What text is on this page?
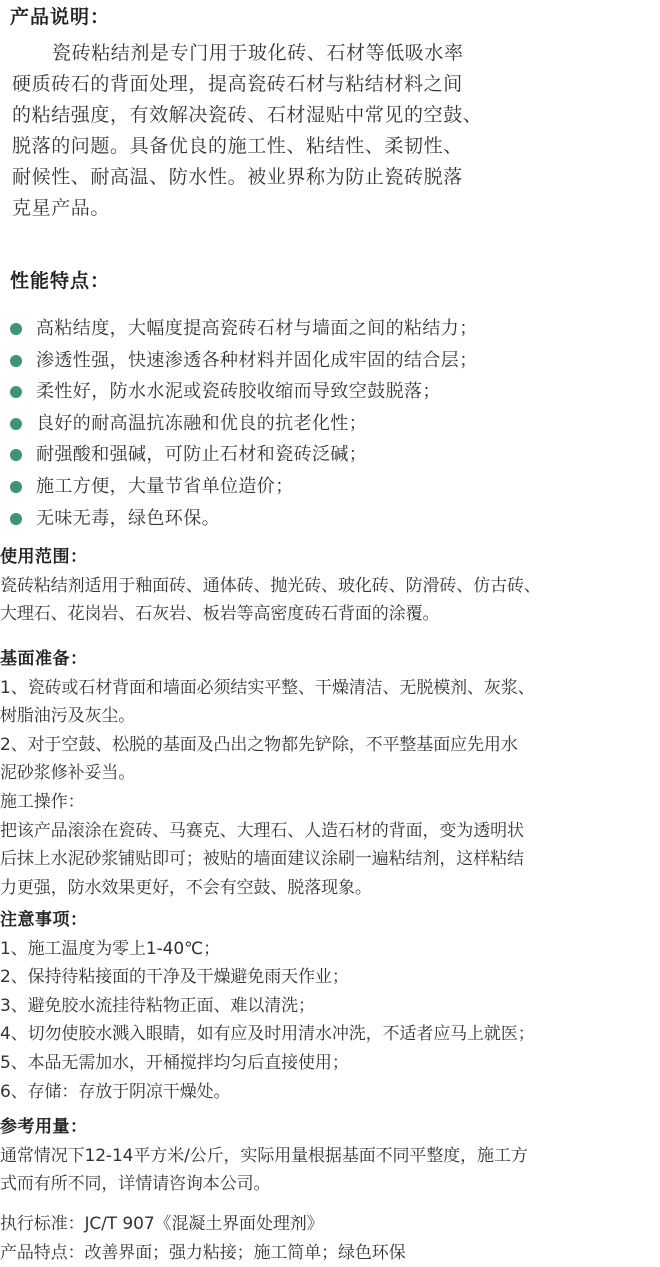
产品说明：
瓷砖粘结剂是专门用于玻化砖、石材等低吸水率
硬质砖石的背面处理，提高瓷砖石材与粘结材料之间
的粘结强度，有效解决瓷砖、石材湿贴中常见的空鼓、
脱落的问题。具备优良的施工性、粘结性、柔韧性、
耐候性、耐高温、防水性。被业界称为防止瓷砖脱落
克星产品。
性能特点：
高粘结度，大幅度提高瓷砖石材与墙面之间的粘结力；
渗透性强，快速渗透各种材料并固化成牢固的结合层；
柔性好，防水水泥或瓷砖胶收缩而导致空鼓脱落；
良好的耐高温抗冻融和优良的抗老化性；
耐强酸和强碱，可防止石材和瓷砖泛碱；
施工方便，大量节省单位造价；
无味无毒，绿色环保。
使用范围：
瓷砖粘结剂适用于釉面砖、通体砖、抛光砖、玻化砖、防滑砖、仿古砖、
大理石、花岗岩、石灰岩、板岩等高密度砖石背面的涂覆。
基面准备：
1、瓷砖或石材背面和墙面必须结实平整、干燥清洁、无脱模剂、灰浆、
树脂油污及灰尘。
2、对于空鼓、松脱的基面及凸出之物都先铲除，不平整基面应先用水
泥砂浆修补妥当。
施工操作：
把该产品滚涂在瓷砖、马赛克、大理石、人造石材的背面，变为透明状
后抹上水泥砂浆铺贴即可；被贴的墙面建议涂刷一遍粘结剂，这样粘结
力更强，防水效果更好，不会有空鼓、脱落现象。
注意事项：
1、施工温度为零上1-40℃；
2、保持待粘接面的干净及干燥避免雨天作业；
3、避免胶水流挂待粘物正面、难以清洗；
4、切勿使胶水溅入眼睛，如有应及时用清水冲洗，不适者应马上就医；
5、本品无需加水，开桶搅拌均匀后直接使用；
6、存储：存放于阴凉干燥处。
参考用量：
通常情况下12-14平方米/公斤，实际用量根据基面不同平整度，施工方
式而有所不同，详情请咨询本公司。
执行标准：JC/T 907《混凝土界面处理剂》
产品特点：改善界面；强力粘接；施工简单；绿色环保
